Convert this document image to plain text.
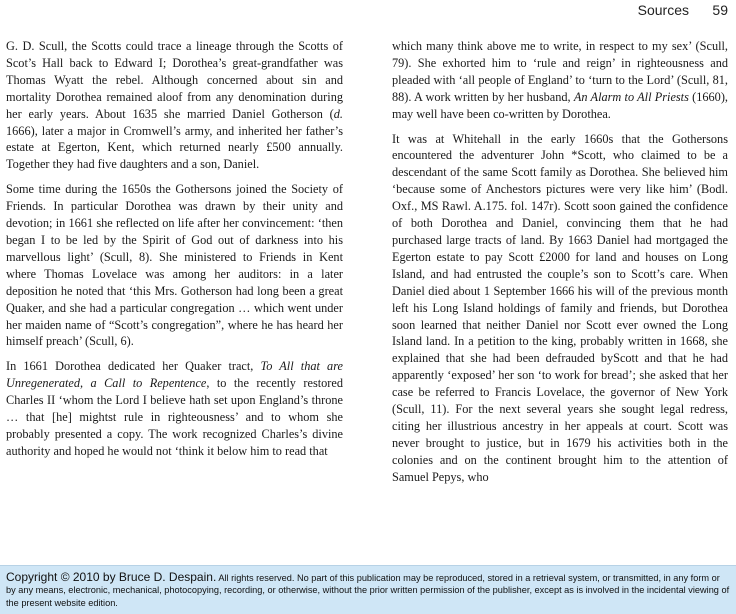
Sources 59

G. D. Scull, the Scotts could trace a lineage through the Scotts of Scot’s Hall back to Edward I; Dorothea’s great-grandfather was Thomas Wyatt the rebel. Although concerned about sin and mortality Dorothea remained aloof from any denomination during her early years. About 1635 she married Daniel Gotherson (d. 1666), later a major in Cromwell’s army, and inherited her father’s estate at Egerton, Kent, which returned nearly £500 annually. Together they had five daughters and a son, Daniel.

Some time during the 1650s the Gothersons joined the Society of Friends. In particular Dorothea was drawn by their unity and devotion; in 1661 she reflected on life after her convincement: ‘then began I to be led by the Spirit of God out of darkness into his marvellous light’ (Scull, 8). She ministered to Friends in Kent where Thomas Lovelace was among her auditors: in a later deposition he noted that ‘this Mrs. Gotherson had long been a great Quaker, and she had a particular congregation … which went under her maiden name of “Scott’s congregation”, where he has heard her himself preach’ (Scull, 6).

In 1661 Dorothea dedicated her Quaker tract, To All that are Unregenerated, a Call to Repentence, to the recently restored Charles II ‘whom the Lord I believe hath set upon England’s throne … that [he] mightst rule in righteousness’ and to whom she probably presented a copy. The work recognized Charles’s divine authority and hoped he would not ‘think it below him to read that

which many think above me to write, in respect to my sex’ (Scull, 79). She exhorted him to ‘rule and reign’ in righteousness and pleaded with ‘all people of England’ to ‘turn to the Lord’ (Scull, 81, 88). A work written by her husband, An Alarm to All Priests (1660), may well have been co-written by Dorothea.

It was at Whitehall in the early 1660s that the Gothersons encountered the adventurer John *Scott, who claimed to be a descendant of the same Scott family as Dorothea. She believed him ‘because some of Anchestors pictures were very like him’ (Bodl. Oxf., MS Rawl. A.175. fol. 147r). Scott soon gained the confidence of both Dorothea and Daniel, convincing them that he had purchased large tracts of land. By 1663 Daniel had mortgaged the Egerton estate to pay Scott £2000 for land and houses on Long Island, and had entrusted the couple’s son to Scott’s care. When Daniel died about 1 September 1666 his will of the previous month left his Long Island holdings of family and friends, but Dorothea soon learned that neither Daniel nor Scott ever owned the Long Island land. In a petition to the king, probably written in 1668, she explained that she had been defrauded byScott and that he had apparently ‘exposed’ her son ‘to work for bread’; she asked that her case be referred to Francis Lovelace, the governor of New York (Scull, 11). For the next several years she sought legal redress, citing her illustrious ancestry in her appeals at court. Scott was never brought to justice, but in 1679 his activities both in the colonies and on the continent brought him to the attention of Samuel Pepys, who

Copyright © 2010 by Bruce D. Despain. All rights reserved. No part of this publication may be reproduced, stored in a retrieval system, or transmitted, in any form or by any means, electronic, mechanical, photocopying, recording, or otherwise, without the prior written permission of the publisher, except as is involved in the incidental viewing of the present website edition.
